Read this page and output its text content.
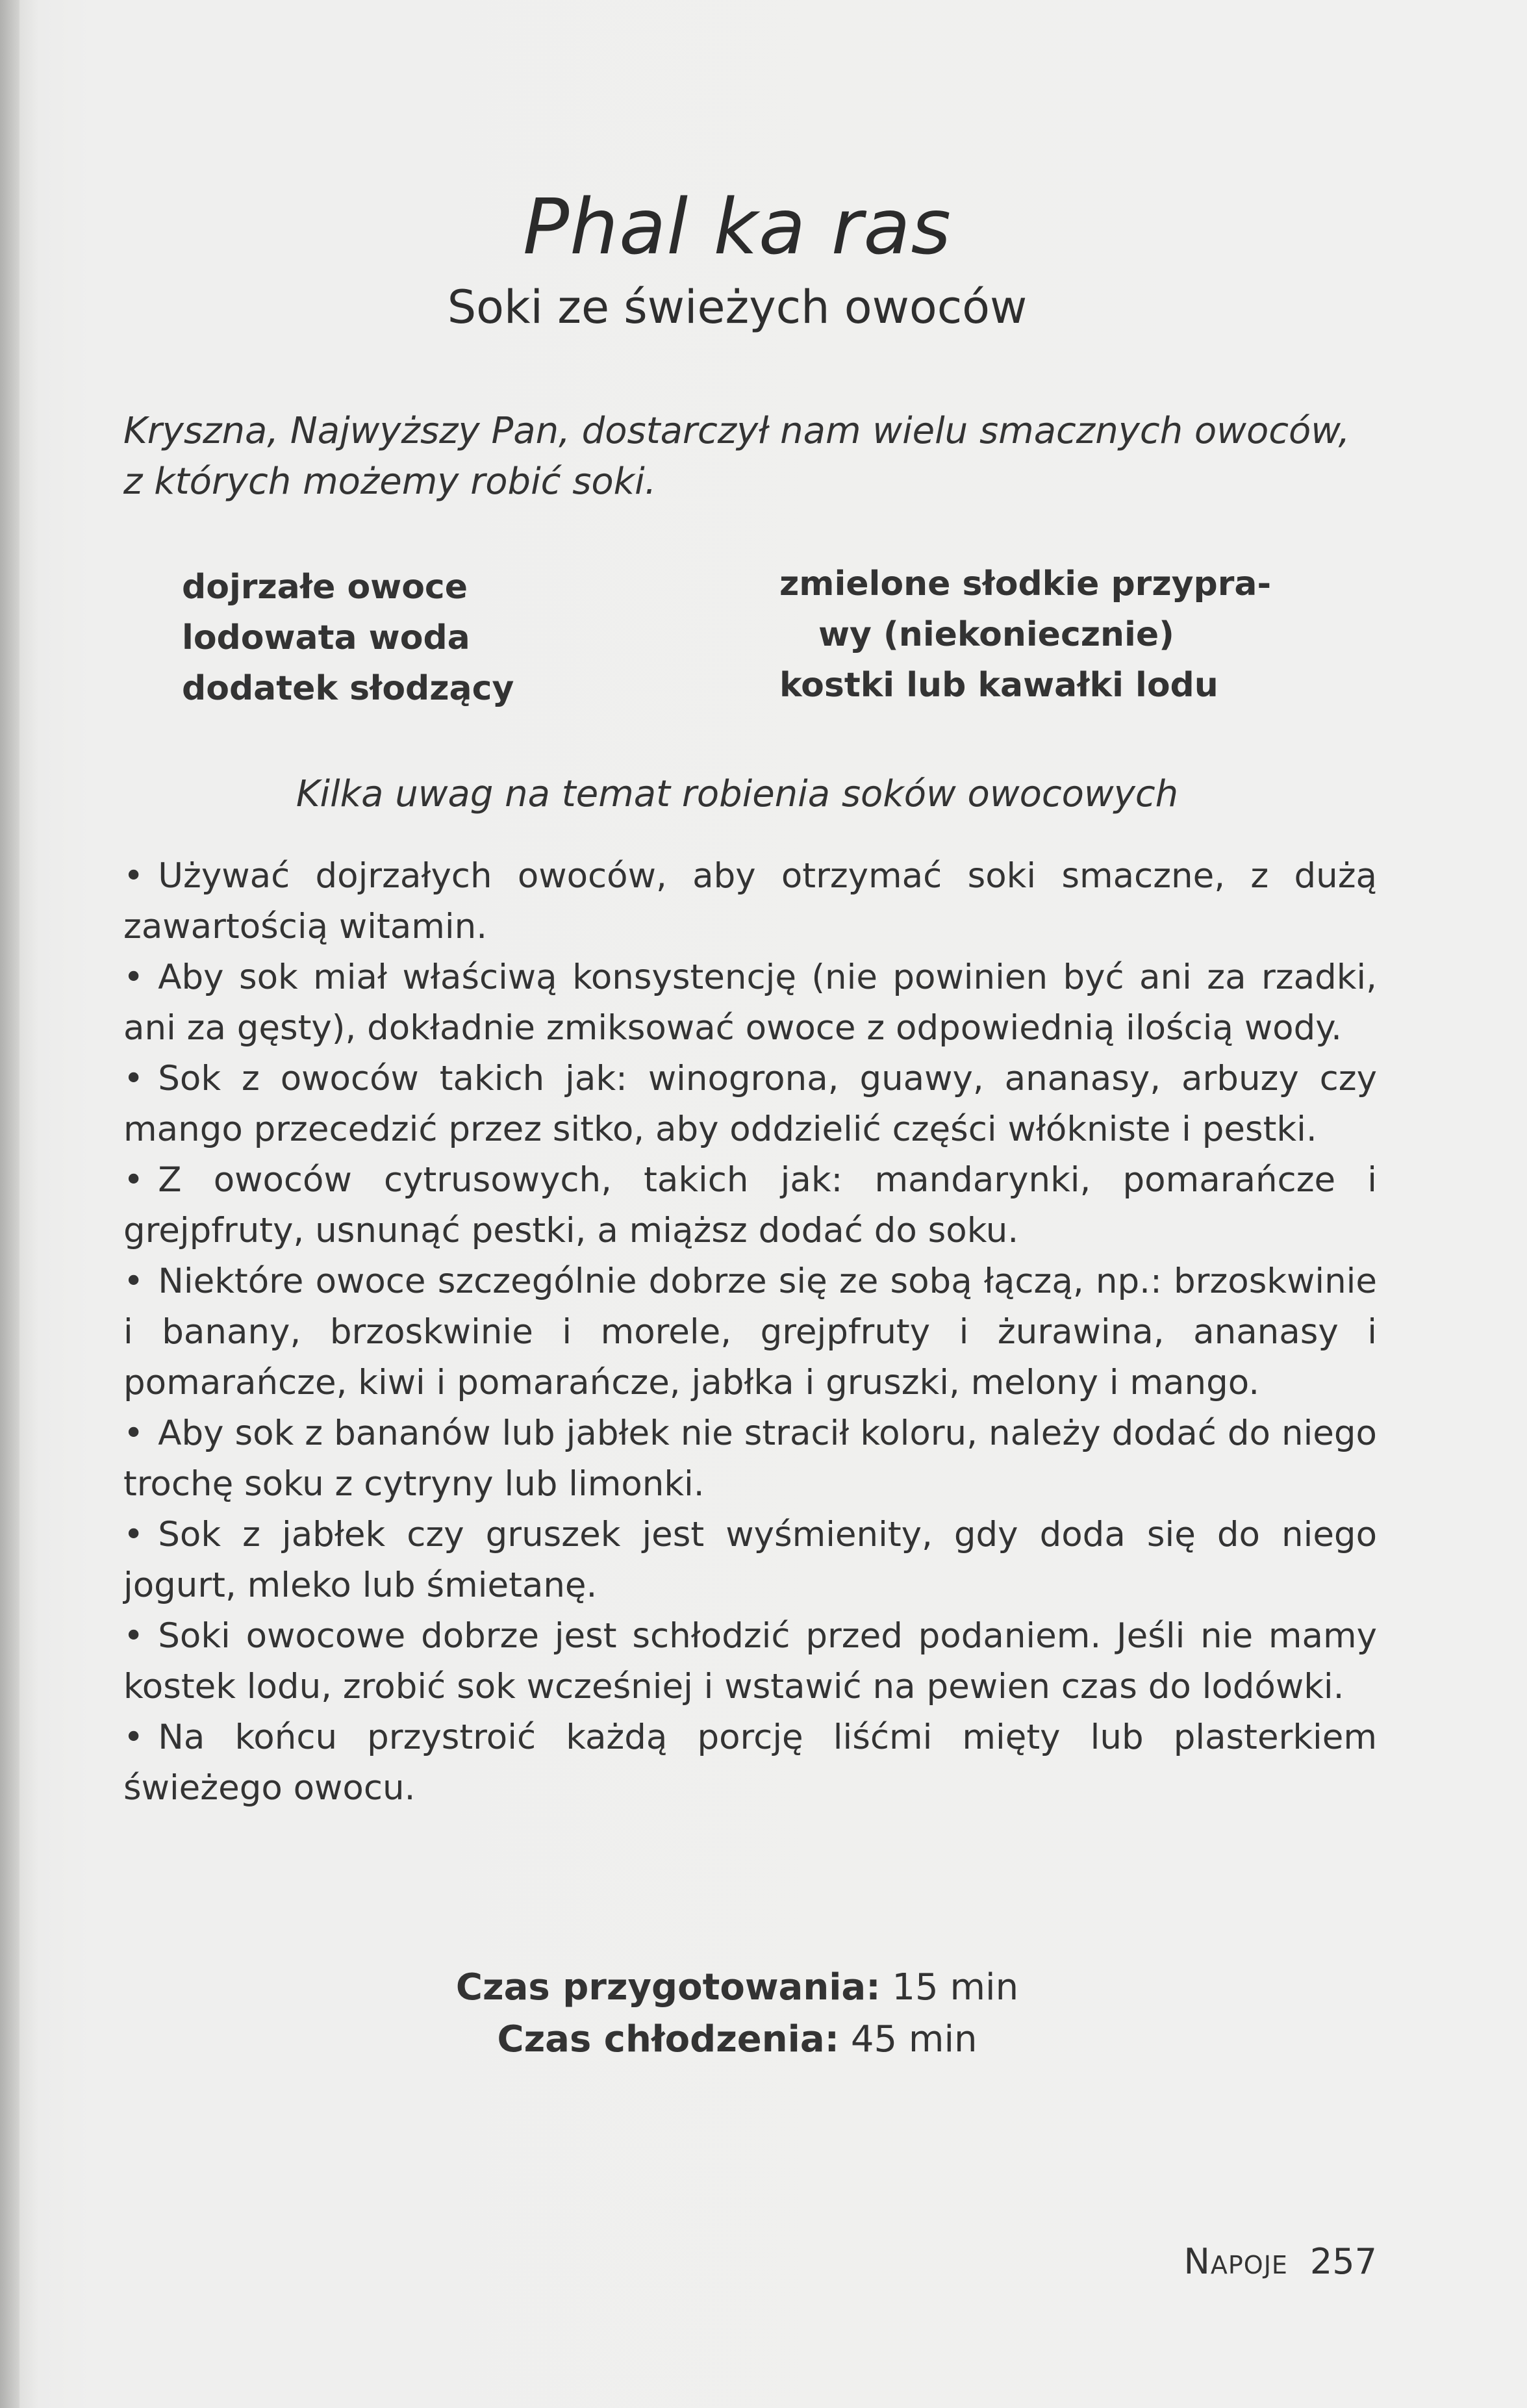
Phal ka ras
Soki ze świeżych owoców
Kryszna, Najwyższy Pan, dostarczył nam wielu smacznych owoców, z których możemy robić soki.
dojrzałe owoce
lodowata woda
dodatek słodzący
zmielone słodkie przypra-
wy (niekoniecznie)
kostki lub kawałki lodu
Kilka uwag na temat robienia soków owocowych

• Używać dojrzałych owoców, aby otrzymać soki smaczne, z dużą zawartością witamin.

• Aby sok miał właściwą konsystencję (nie powinien być ani za rzadki, ani za gęsty), dokładnie zmiksować owoce z odpowiednią ilością wody.

• Sok z owoców takich jak: winogrona, guawy, ananasy, arbuzy czy mango przecedzić przez sitko, aby oddzielić części włókniste i pestki.

• Z owoców cytrusowych, takich jak: mandarynki, pomarańcze i grejpfruty, usnunąć pestki, a miąższ dodać do soku.

• Niektóre owoce szczególnie dobrze się ze sobą łączą, np.: brzoskwinie i banany, brzoskwinie i morele, grejpfruty i żurawina, ananasy i pomarańcze, kiwi i pomarańcze, jabłka i gruszki, melony i mango.

• Aby sok z bananów lub jabłek nie stracił koloru, należy dodać do niego trochę soku z cytryny lub limonki.

• Sok z jabłek czy gruszek jest wyśmienity, gdy doda się do niego jogurt, mleko lub śmietanę.

• Soki owocowe dobrze jest schłodzić przed podaniem. Jeśli nie mamy kostek lodu, zrobić sok wcześniej i wstawić na pewien czas do lodówki.

• Na końcu przystroić każdą porcję liśćmi mięty lub plasterkiem świeżego owocu.

Czas przygotowania: 15 min
Czas chłodzenia: 45 min
Napoje 257
